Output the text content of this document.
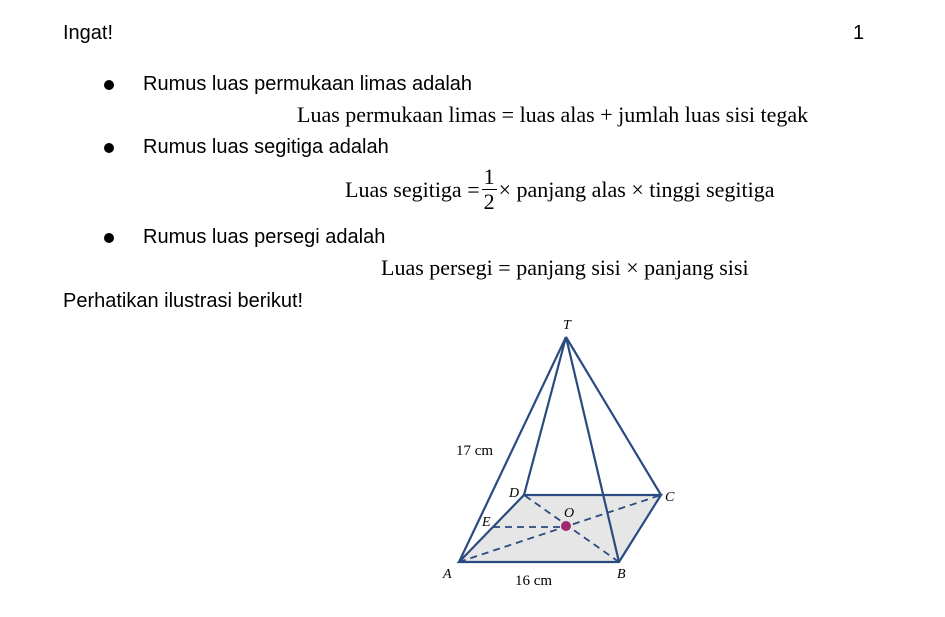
Ingat!	1
Rumus luas permukaan limas adalah
Luas permukaan limas = luas alas + jumlah luas sisi tegak
Rumus luas segitiga adalah
Luas segitiga = $\frac{1}{2}$ × panjang alas × tinggi segitiga
Rumus luas persegi adalah
Luas persegi = panjang sisi × panjang sisi
Perhatikan ilustrasi berikut!
T
A	B
C
D
E
O
17 cm
16 cm
